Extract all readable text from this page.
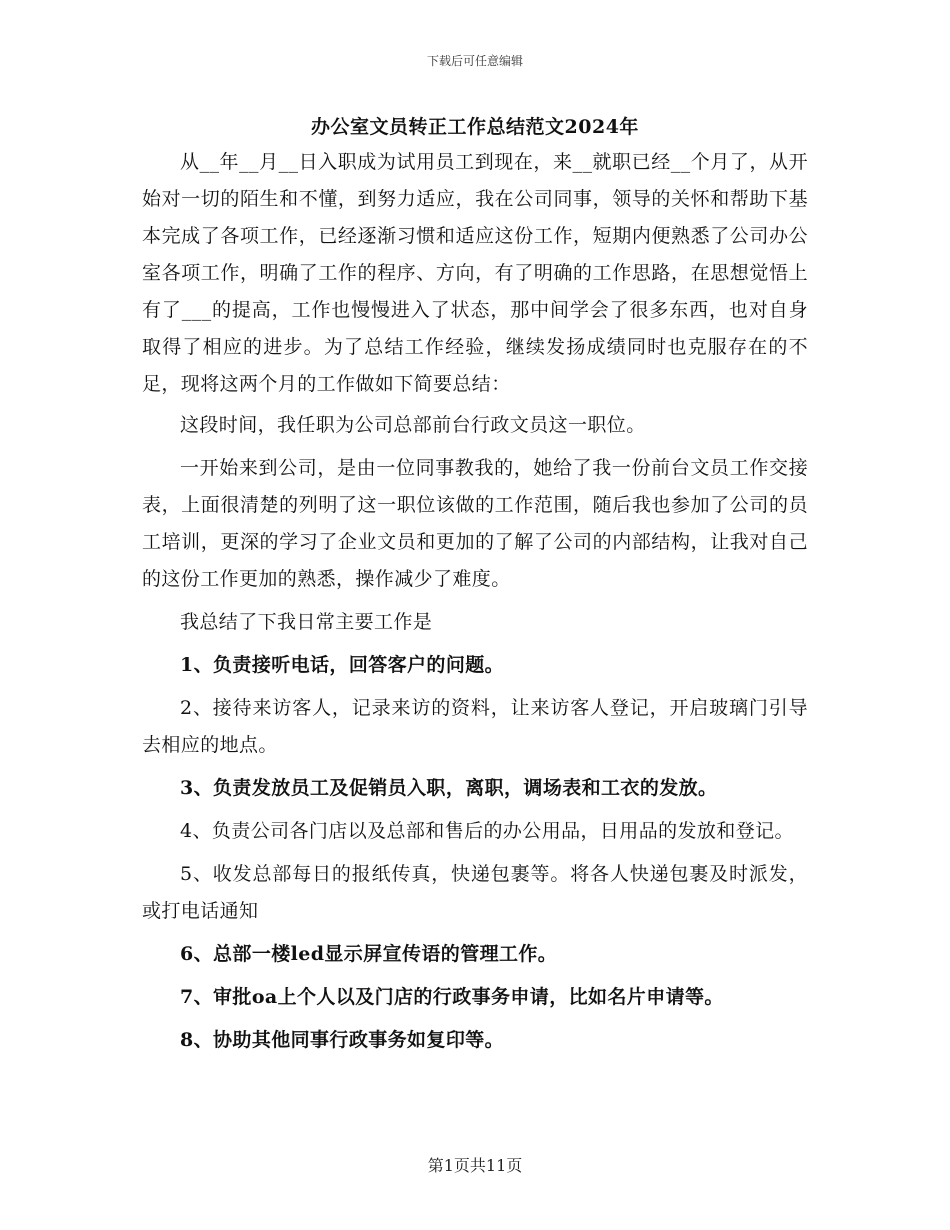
下载后可任意编辑
办公室文员转正工作总结范文2024年

从__年__月__日入职成为试用员工到现在，来__就职已经__个月了，从开始对一切的陌生和不懂，到努力适应，我在公司同事，领导的关怀和帮助下基本完成了各项工作，已经逐渐习惯和适应这份工作，短期内便熟悉了公司办公室各项工作，明确了工作的程序、方向，有了明确的工作思路，在思想觉悟上有了___的提高，工作也慢慢进入了状态，那中间学会了很多东西，也对自身取得了相应的进步。为了总结工作经验，继续发扬成绩同时也克服存在的不足，现将这两个月的工作做如下简要总结：

这段时间，我任职为公司总部前台行政文员这一职位。

一开始来到公司，是由一位同事教我的，她给了我一份前台文员工作交接表，上面很清楚的列明了这一职位该做的工作范围，随后我也参加了公司的员工培训，更深的学习了企业文员和更加的了解了公司的内部结构，让我对自己的这份工作更加的熟悉，操作减少了难度。

我总结了下我日常主要工作是

1、负责接听电话，回答客户的问题。

2、接待来访客人，记录来访的资料，让来访客人登记，开启玻璃门引导去相应的地点。

3、负责发放员工及促销员入职，离职，调场表和工衣的发放。

4、负责公司各门店以及总部和售后的办公用品，日用品的发放和登记。

5、收发总部每日的报纸传真，快递包裹等。将各人快递包裹及时派发，或打电话通知

6、总部一楼led显示屏宣传语的管理工作。

7、审批oa上个人以及门店的行政事务申请，比如名片申请等。

8、协助其他同事行政事务如复印等。

第1页共11页
